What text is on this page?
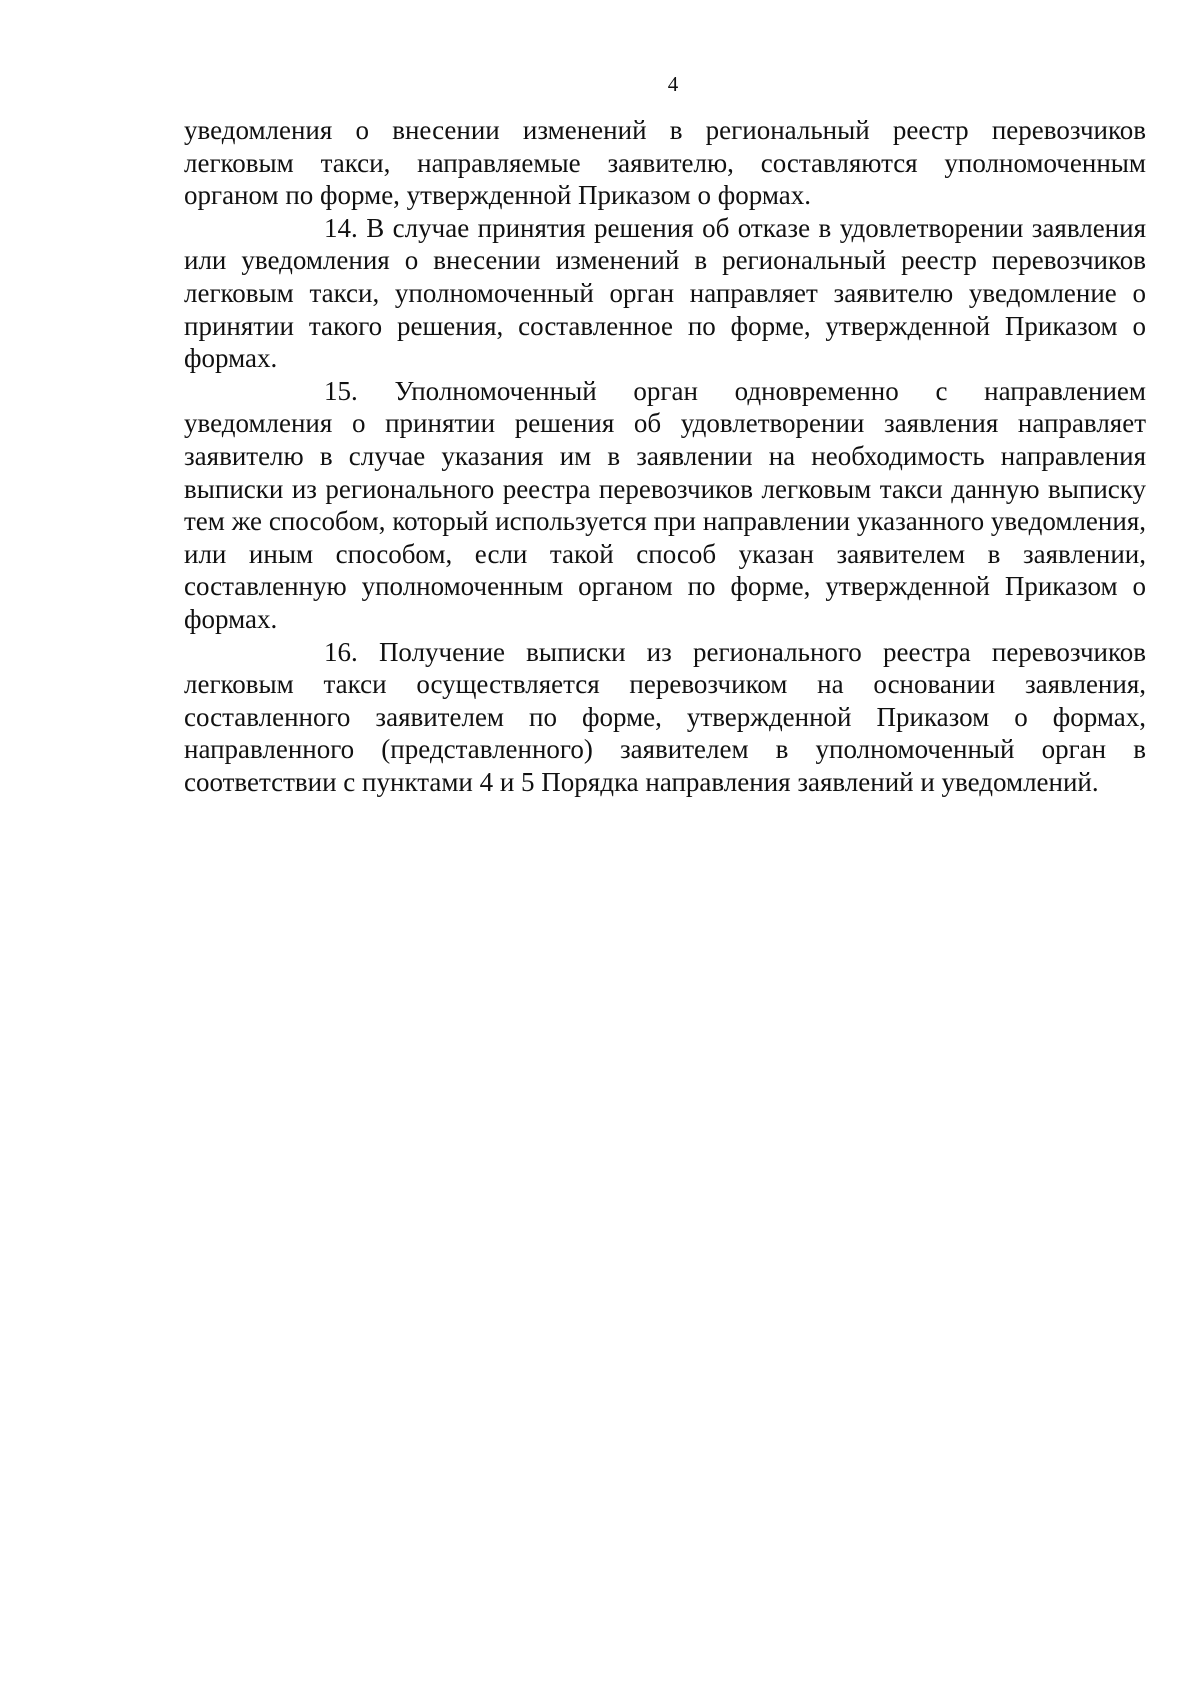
4

уведомления о внесении изменений в региональный реестр перевозчиков легковым такси, направляемые заявителю, составляются уполномоченным органом по форме, утвержденной Приказом о формах.

14. В случае принятия решения об отказе в удовлетворении заявления или уведомления о внесении изменений в региональный реестр перевозчиков легковым такси, уполномоченный орган направляет заявителю уведомление о принятии такого решения, составленное по форме, утвержденной Приказом о формах.

15. Уполномоченный орган одновременно с направлением уведомления о принятии решения об удовлетворении заявления направляет заявителю в случае указания им в заявлении на необходимость направления выписки из регионального реестра перевозчиков легковым такси данную выписку тем же способом, который используется при направлении указанного уведомления, или иным способом, если такой способ указан заявителем в заявлении, составленную уполномоченным органом по форме, утвержденной Приказом о формах.

16. Получение выписки из регионального реестра перевозчиков легковым такси осуществляется перевозчиком на основании заявления, составленного заявителем по форме, утвержденной Приказом о формах, направленного (представленного) заявителем в уполномоченный орган в соответствии с пунктами 4 и 5 Порядка направления заявлений и уведомлений.
